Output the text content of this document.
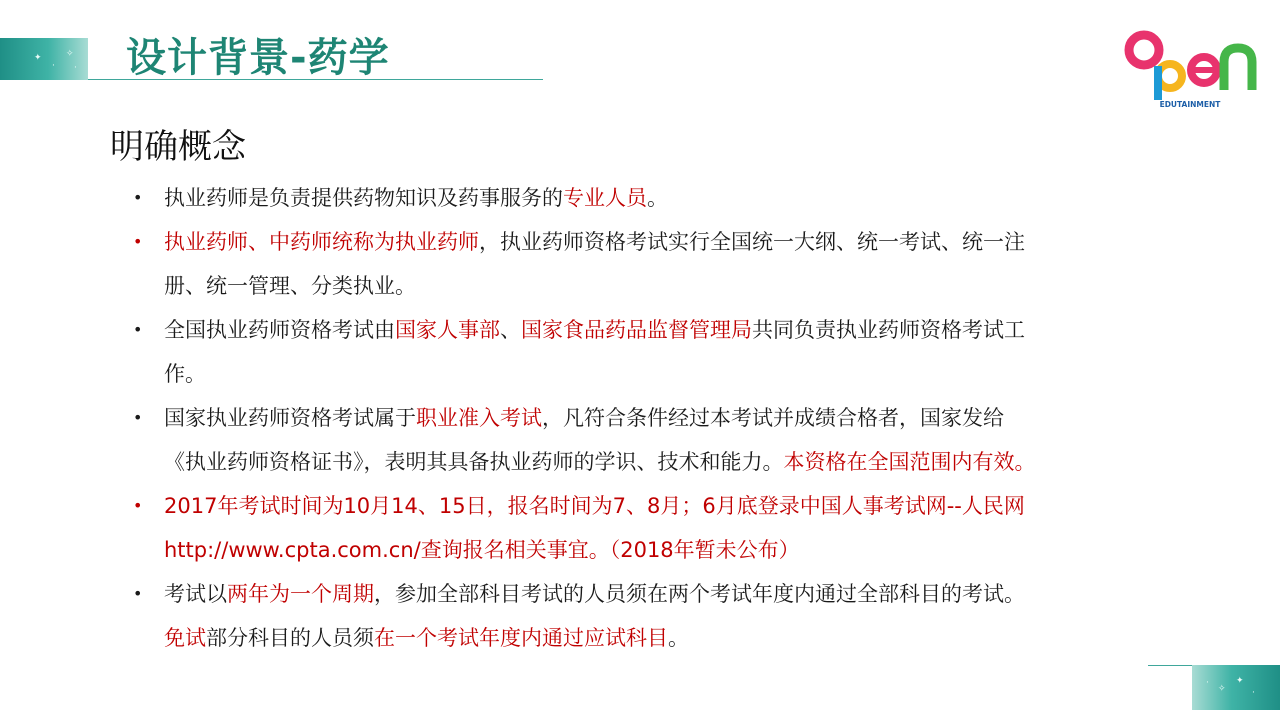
✦
·
✧
· 设计背景-药学
EDUTAINMENT
明确概念
• 执业药师是负责提供药物知识及药事服务的专业人员。
• 执业药师、中药师统称为执业药师，执业药师资格考试实行全国统一大纲、统一考试、统一注
册、统一管理、分类执业。
• 全国执业药师资格考试由国家人事部、国家食品药品监督管理局共同负责执业药师资格考试工
作。
• 国家执业药师资格考试属于职业准入考试，凡符合条件经过本考试并成绩合格者，国家发给
《执业药师资格证书》，表明其具备执业药师的学识、技术和能力。本资格在全国范围内有效。
• 2017年考试时间为10月14、15日，报名时间为7、8月；6月底登录中国人事考试网--人民网
http://www.cpta.com.cn/查询报名相关事宜。（2018年暂未公布）
• 考试以两年为一个周期，参加全部科目考试的人员须在两个考试年度内通过全部科目的考试。
免试部分科目的人员须在一个考试年度内通过应试科目。
·
✧
✦
·
